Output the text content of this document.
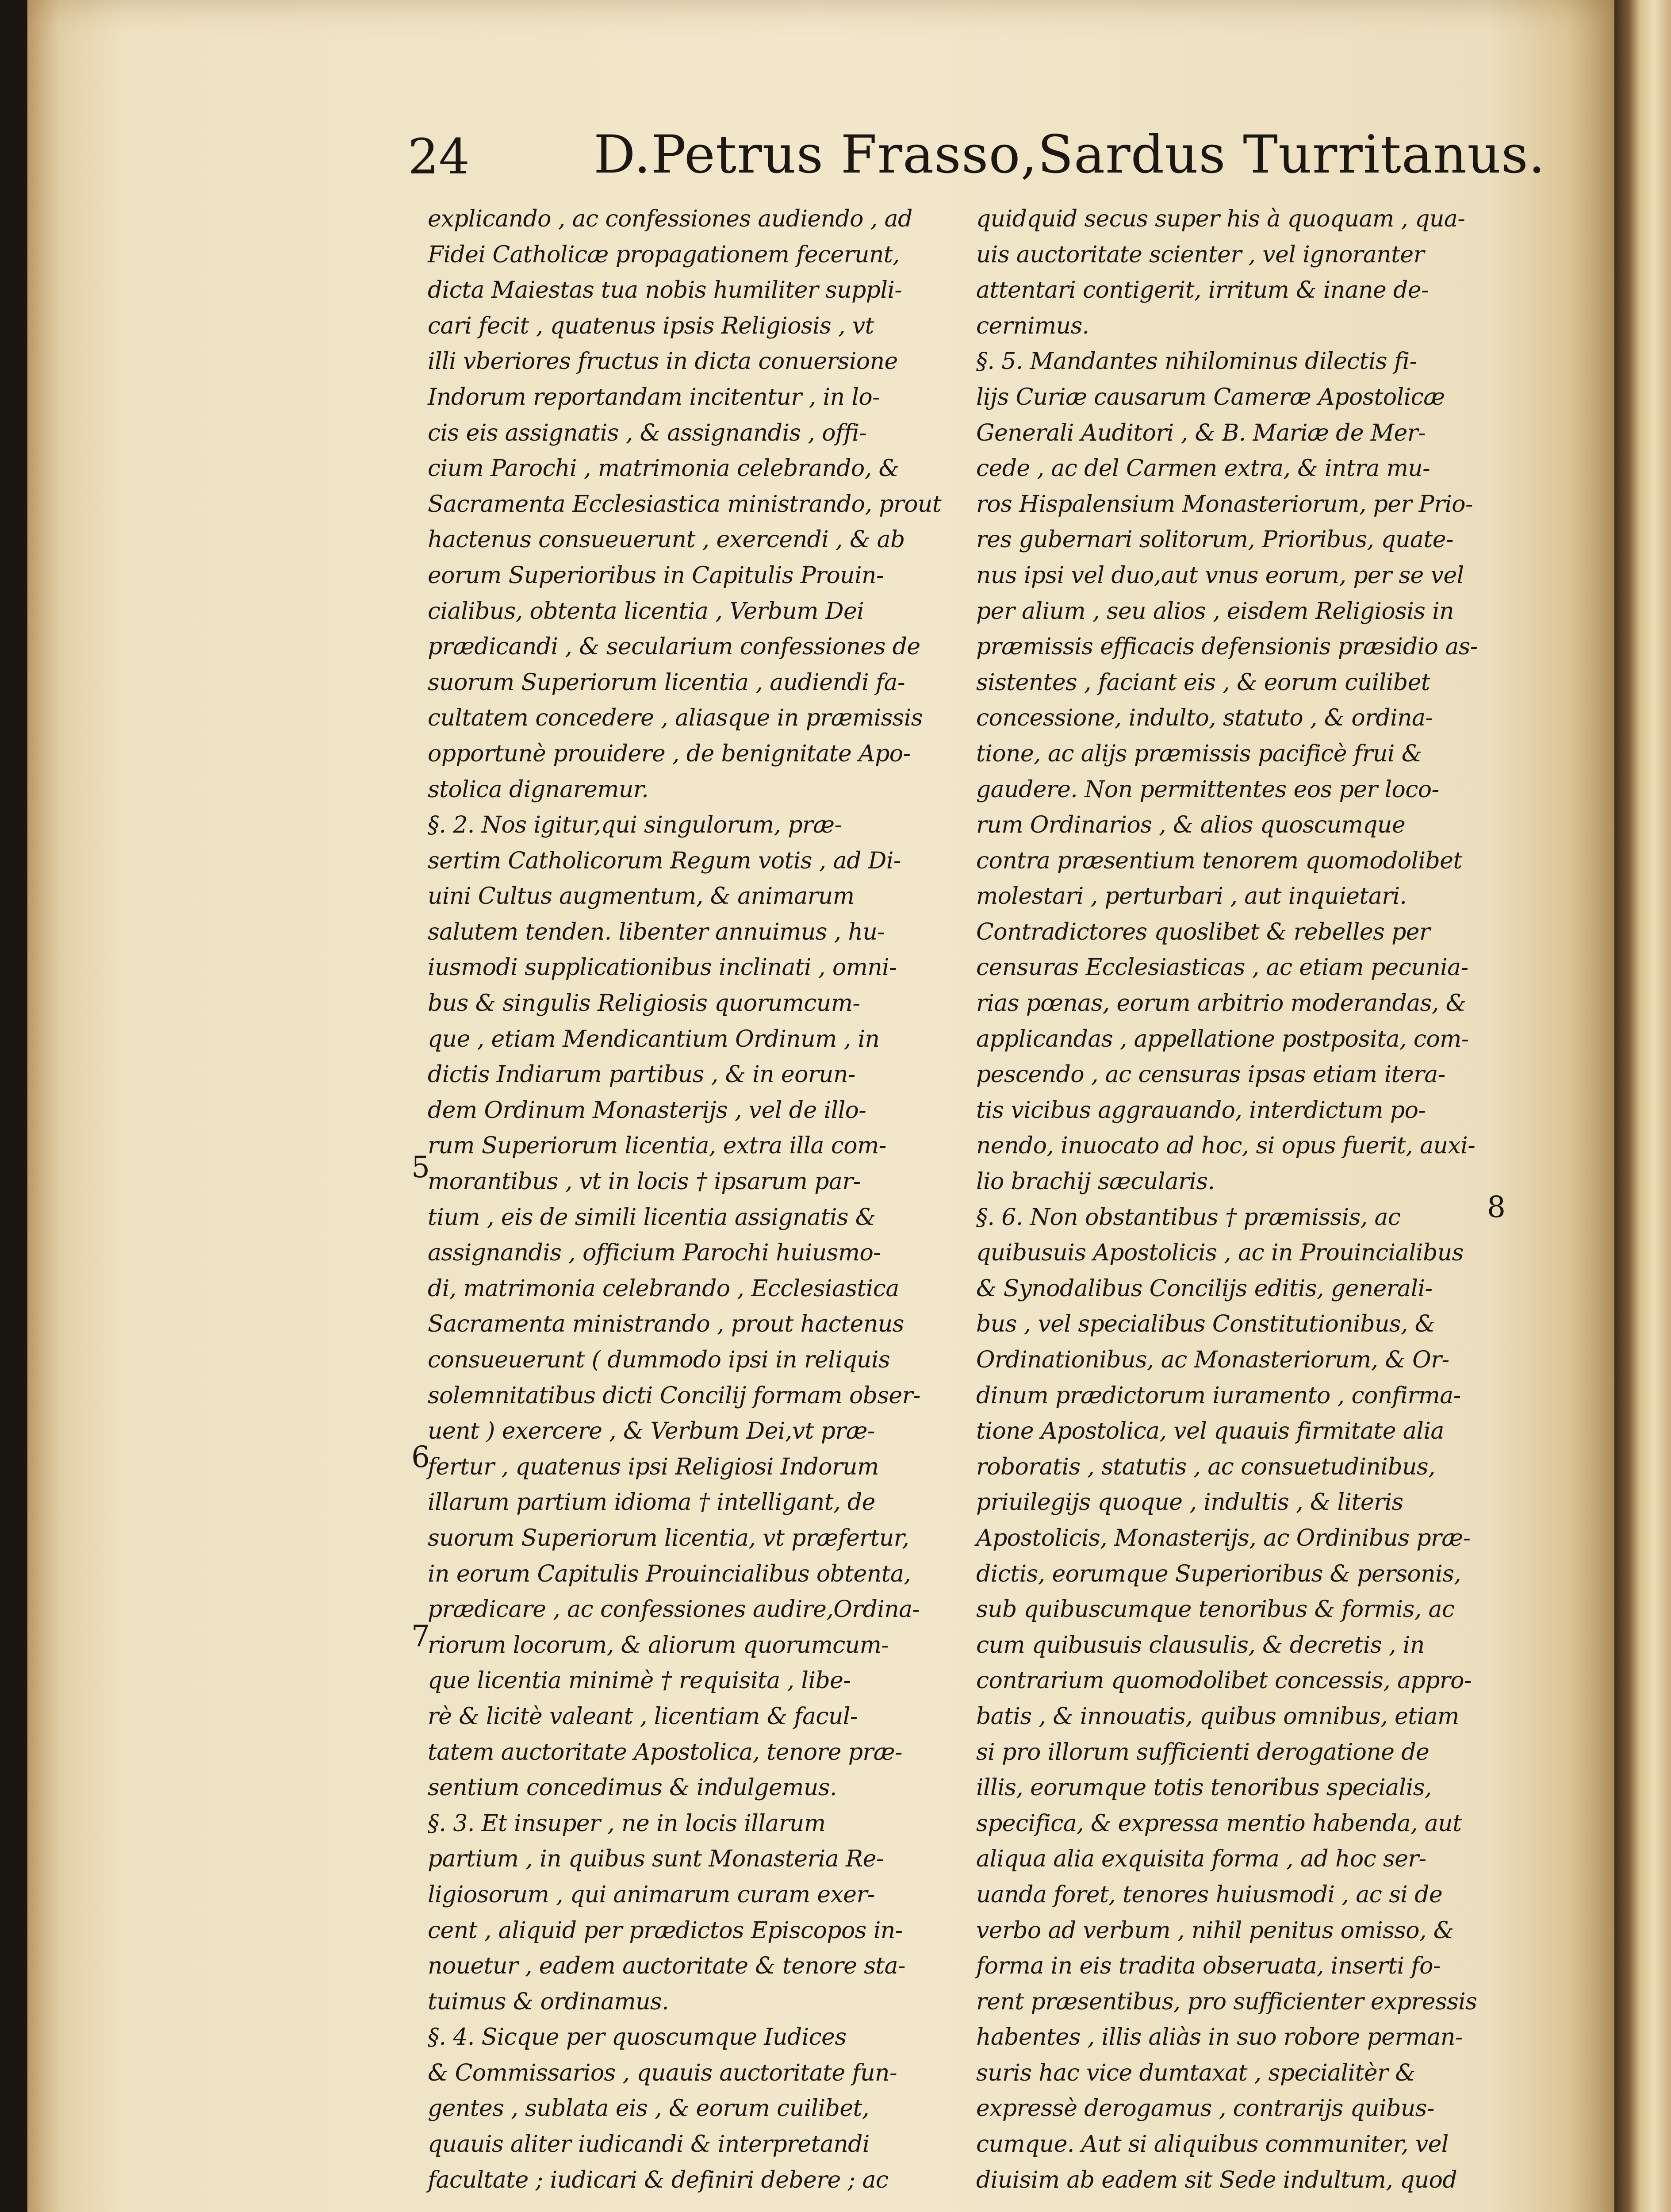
24 D.Petrus Frasso,Sardus Turritanus.
explicando , ac confessiones audiendo , ad
Fidei Catholicæ propagationem fecerunt,
dicta Maiestas tua nobis humiliter suppli-
cari fecit , quatenus ipsis Religiosis , vt
illi vberiores fructus in dicta conuersione
Indorum reportandam incitentur , in lo-
cis eis assignatis , & assignandis , offi-
cium Parochi , matrimonia celebrando, &
Sacramenta Ecclesiastica ministrando, prout
hactenus consueuerunt , exercendi , & ab
eorum Superioribus in Capitulis Prouin-
cialibus, obtenta licentia , Verbum Dei
prædicandi , & secularium confessiones de
suorum Superiorum licentia , audiendi fa-
cultatem concedere , aliasque in præmissis
opportunè prouidere , de benignitate Apo-
stolica dignaremur.
§. 2. Nos igitur,qui singulorum, præ-
sertim Catholicorum Regum votis , ad Di-
uini Cultus augmentum, & animarum
salutem tenden. libenter annuimus , hu-
iusmodi supplicationibus inclinati , omni-
bus & singulis Religiosis quorumcum-
que , etiam Mendicantium Ordinum , in
dictis Indiarum partibus , & in eorun-
dem Ordinum Monasterijs , vel de illo-
rum Superiorum licentia, extra illa com-
morantibus , vt in locis † ipsarum par-
tium , eis de simili licentia assignatis &
assignandis , officium Parochi huiusmo-
di, matrimonia celebrando , Ecclesiastica
Sacramenta ministrando , prout hactenus
consueuerunt ( dummodo ipsi in reliquis
solemnitatibus dicti Concilij formam obser-
uent ) exercere , & Verbum Dei,vt præ-
fertur , quatenus ipsi Religiosi Indorum
illarum partium idioma † intelligant, de
suorum Superiorum licentia, vt præfertur,
in eorum Capitulis Prouincialibus obtenta,
prædicare , ac confessiones audire,Ordina-
riorum locorum, & aliorum quorumcum-
que licentia minimè † requisita , libe-
rè & licitè valeant , licentiam & facul-
tatem auctoritate Apostolica, tenore præ-
sentium concedimus & indulgemus.
§. 3. Et insuper , ne in locis illarum
partium , in quibus sunt Monasteria Re-
ligiosorum , qui animarum curam exer-
cent , aliquid per prædictos Episcopos in-
nouetur , eadem auctoritate & tenore sta-
tuimus & ordinamus.
§. 4. Sicque per quoscumque Iudices
& Commissarios , quauis auctoritate fun-
gentes , sublata eis , & eorum cuilibet,
quauis aliter iudicandi & interpretandi
facultate ; iudicari & definiri debere ; ac
quidquid secus super his à quoquam , qua-
uis auctoritate scienter , vel ignoranter
attentari contigerit, irritum & inane de-
cernimus.
§. 5. Mandantes nihilominus dilectis fi-
lijs Curiæ causarum Cameræ Apostolicæ
Generali Auditori , & B. Mariæ de Mer-
cede , ac del Carmen extra, & intra mu-
ros Hispalensium Monasteriorum, per Prio-
res gubernari solitorum, Prioribus, quate-
nus ipsi vel duo,aut vnus eorum, per se vel
per alium , seu alios , eisdem Religiosis in
præmissis efficacis defensionis præsidio as-
sistentes , faciant eis , & eorum cuilibet
concessione, indulto, statuto , & ordina-
tione, ac alijs præmissis pacificè frui &
gaudere. Non permittentes eos per loco-
rum Ordinarios , & alios quoscumque
contra præsentium tenorem quomodolibet
molestari , perturbari , aut inquietari.
Contradictores quoslibet & rebelles per
censuras Ecclesiasticas , ac etiam pecunia-
rias pœnas, eorum arbitrio moderandas, &
applicandas , appellatione postposita, com-
pescendo , ac censuras ipsas etiam itera-
tis vicibus aggrauando, interdictum po-
nendo, inuocato ad hoc, si opus fuerit, auxi-
lio brachij sæcularis.
§. 6. Non obstantibus † præmissis, ac
quibusuis Apostolicis , ac in Prouincialibus
& Synodalibus Concilijs editis, generali-
bus , vel specialibus Constitutionibus, &
Ordinationibus, ac Monasteriorum, & Or-
dinum prædictorum iuramento , confirma-
tione Apostolica, vel quauis firmitate alia
roboratis , statutis , ac consuetudinibus,
priuilegijs quoque , indultis , & literis
Apostolicis, Monasterijs, ac Ordinibus præ-
dictis, eorumque Superioribus & personis,
sub quibuscumque tenoribus & formis, ac
cum quibusuis clausulis, & decretis , in
contrarium quomodolibet concessis, appro-
batis , & innouatis, quibus omnibus, etiam
si pro illorum sufficienti derogatione de
illis, eorumque totis tenoribus specialis,
specifica, & expressa mentio habenda, aut
aliqua alia exquisita forma , ad hoc ser-
uanda foret, tenores huiusmodi , ac si de
verbo ad verbum , nihil penitus omisso, &
forma in eis tradita obseruata, inserti fo-
rent præsentibus, pro sufficienter expressis
habentes , illis aliàs in suo robore perman-
suris hac vice dumtaxat , specialitèr &
expressè derogamus , contrarijs quibus-
cumque. Aut si aliquibus communiter, vel
diuisim ab eadem sit Sede indultum, quod
5
6
7
8
